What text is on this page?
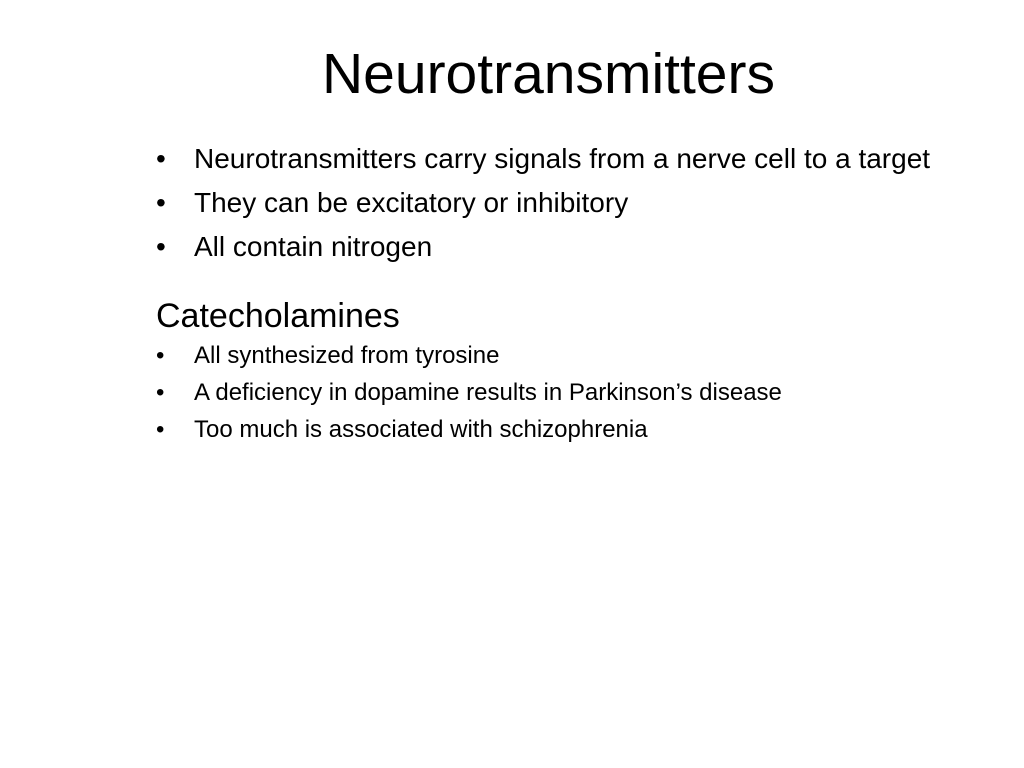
Neurotransmitters
• Neurotransmitters carry signals from a nerve cell to a target
• They can be excitatory or inhibitory
• All contain nitrogen
Catecholamines
• All synthesized from tyrosine
• A deficiency in dopamine results in Parkinson’s disease
• Too much is associated with schizophrenia
